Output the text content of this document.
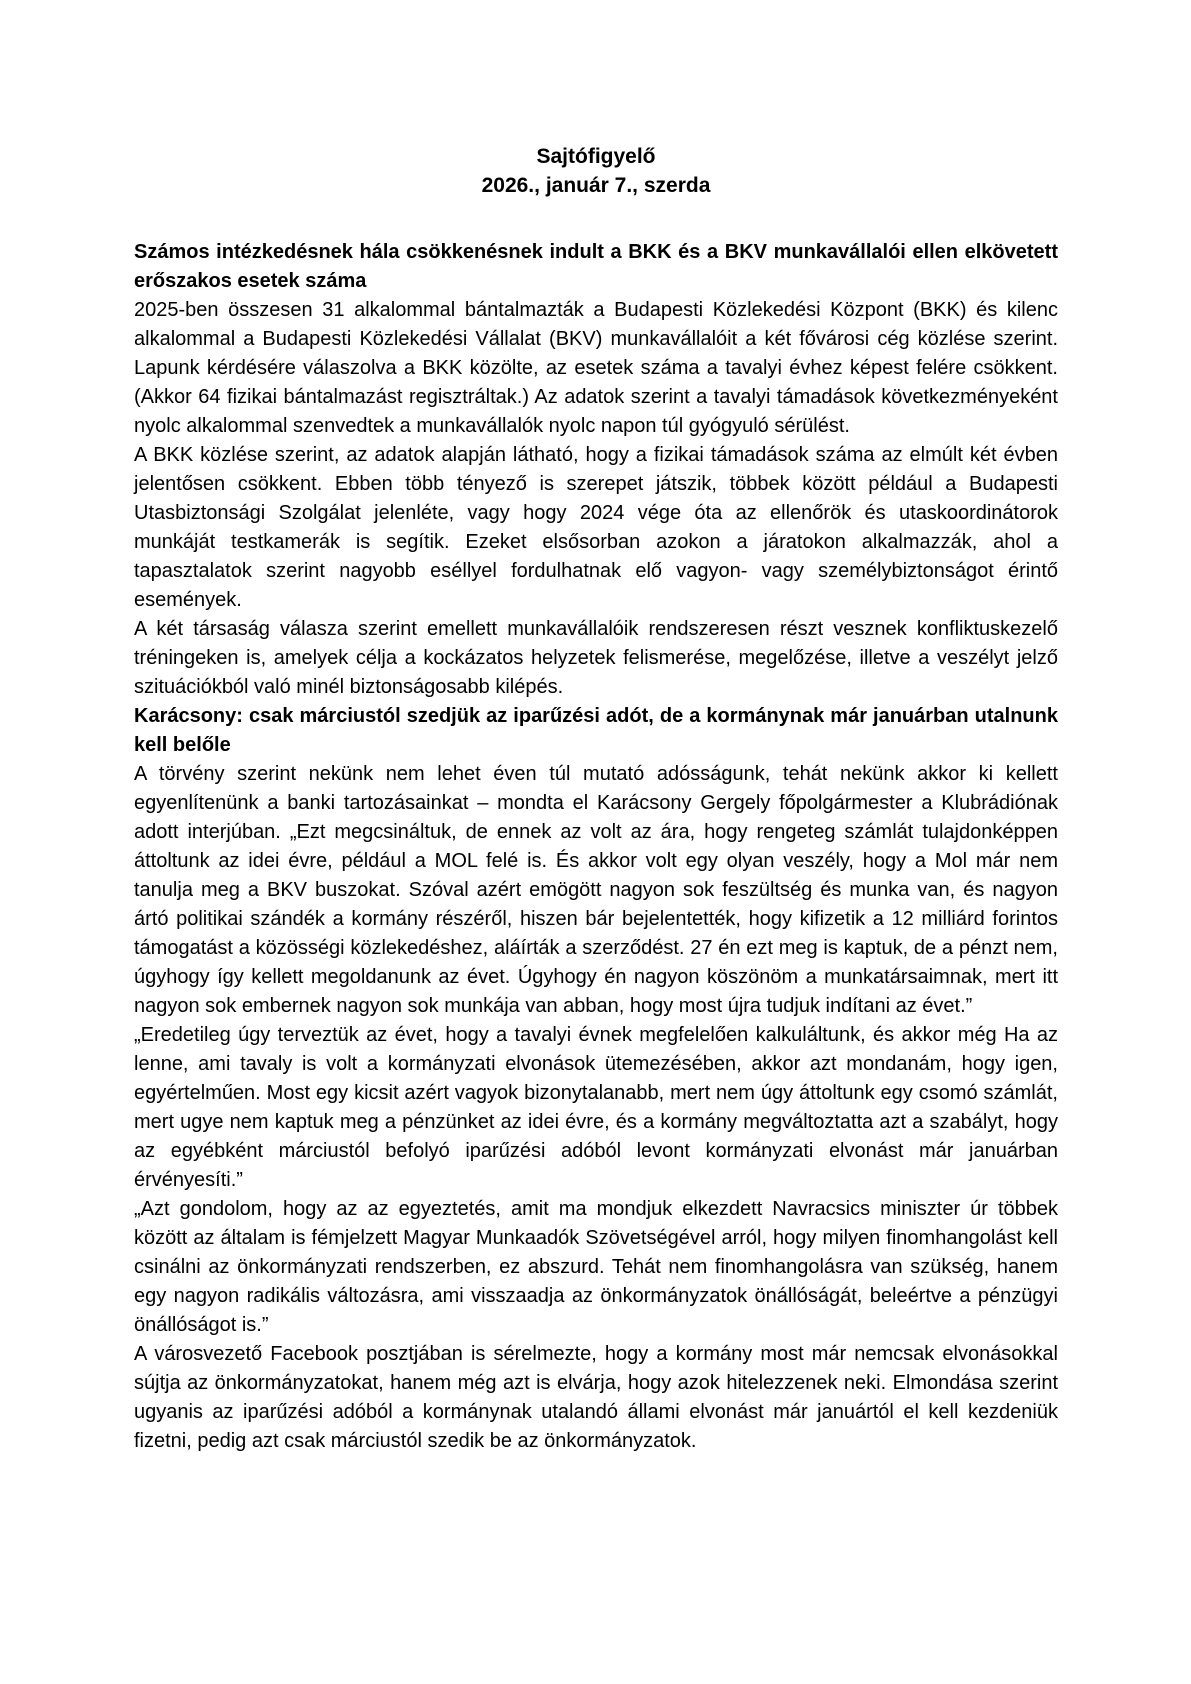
Sajtófigyelő
2026., január 7., szerda
Számos intézkedésnek hála csökkenésnek indult a BKK és a BKV munkavállalói ellen elkövetett erőszakos esetek száma

2025-ben összesen 31 alkalommal bántalmazták a Budapesti Közlekedési Központ (BKK) és kilenc alkalommal a Budapesti Közlekedési Vállalat (BKV) munkavállalóit a két fővárosi cég közlése szerint. Lapunk kérdésére válaszolva a BKK közölte, az esetek száma a tavalyi évhez képest felére csökkent. (Akkor 64 fizikai bántalmazást regisztráltak.) Az adatok szerint a tavalyi támadások következményeként nyolc alkalommal szenvedtek a munkavállalók nyolc napon túl gyógyuló sérülést.

A BKK közlése szerint, az adatok alapján látható, hogy a fizikai támadások száma az elmúlt két évben jelentősen csökkent. Ebben több tényező is szerepet játszik, többek között például a Budapesti Utasbiztonsági Szolgálat jelenléte, vagy hogy 2024 vége óta az ellenőrök és utaskoordinátorok munkáját testkamerák is segítik. Ezeket elsősorban azokon a járatokon alkalmazzák, ahol a tapasztalatok szerint nagyobb eséllyel fordulhatnak elő vagyon- vagy személybiztonságot érintő események.

A két társaság válasza szerint emellett munkavállalóik rendszeresen részt vesznek konfliktuskezelő tréningeken is, amelyek célja a kockázatos helyzetek felismerése, megelőzése, illetve a veszélyt jelző szituációkból való minél biztonságosabb kilépés.

Karácsony: csak márciustól szedjük az iparűzési adót, de a kormánynak már januárban utalnunk kell belőle

A törvény szerint nekünk nem lehet éven túl mutató adósságunk, tehát nekünk akkor ki kellett egyenlítenünk a banki tartozásainkat – mondta el Karácsony Gergely főpolgármester a Klubrádiónak adott interjúban. „Ezt megcsináltuk, de ennek az volt az ára, hogy rengeteg számlát tulajdonképpen áttoltunk az idei évre, például a MOL felé is. És akkor volt egy olyan veszély, hogy a Mol már nem tanulja meg a BKV buszokat. Szóval azért emögött nagyon sok feszültség és munka van, és nagyon ártó politikai szándék a kormány részéről, hiszen bár bejelentették, hogy kifizetik a 12 milliárd forintos támogatást a közösségi közlekedéshez, aláírták a szerződést. 27 én ezt meg is kaptuk, de a pénzt nem, úgyhogy így kellett megoldanunk az évet. Úgyhogy én nagyon köszönöm a munkatársaimnak, mert itt nagyon sok embernek nagyon sok munkája van abban, hogy most újra tudjuk indítani az évet.”

„Eredetileg úgy terveztük az évet, hogy a tavalyi évnek megfelelően kalkuláltunk, és akkor még Ha az lenne, ami tavaly is volt a kormányzati elvonások ütemezésében, akkor azt mondanám, hogy igen, egyértelműen. Most egy kicsit azért vagyok bizonytalanabb, mert nem úgy áttoltunk egy csomó számlát, mert ugye nem kaptuk meg a pénzünket az idei évre, és a kormány megváltoztatta azt a szabályt, hogy az egyébként márciustól befolyó iparűzési adóból levont kormányzati elvonást már januárban érvényesíti.”

„Azt gondolom, hogy az az egyeztetés, amit ma mondjuk elkezdett Navracsics miniszter úr többek között az általam is fémjelzett Magyar Munkaadók Szövetségével arról, hogy milyen finomhangolást kell csinálni az önkormányzati rendszerben, ez abszurd. Tehát nem finomhangolásra van szükség, hanem egy nagyon radikális változásra, ami visszaadja az önkormányzatok önállóságát, beleértve a pénzügyi önállóságot is.”

A városvezető Facebook posztjában is sérelmezte, hogy a kormány most már nemcsak elvonásokkal sújtja az önkormányzatokat, hanem még azt is elvárja, hogy azok hitelezzenek neki. Elmondása szerint ugyanis az iparűzési adóból a kormánynak utalandó állami elvonást már januártól el kell kezdeniük fizetni, pedig azt csak márciustól szedik be az önkormányzatok.
